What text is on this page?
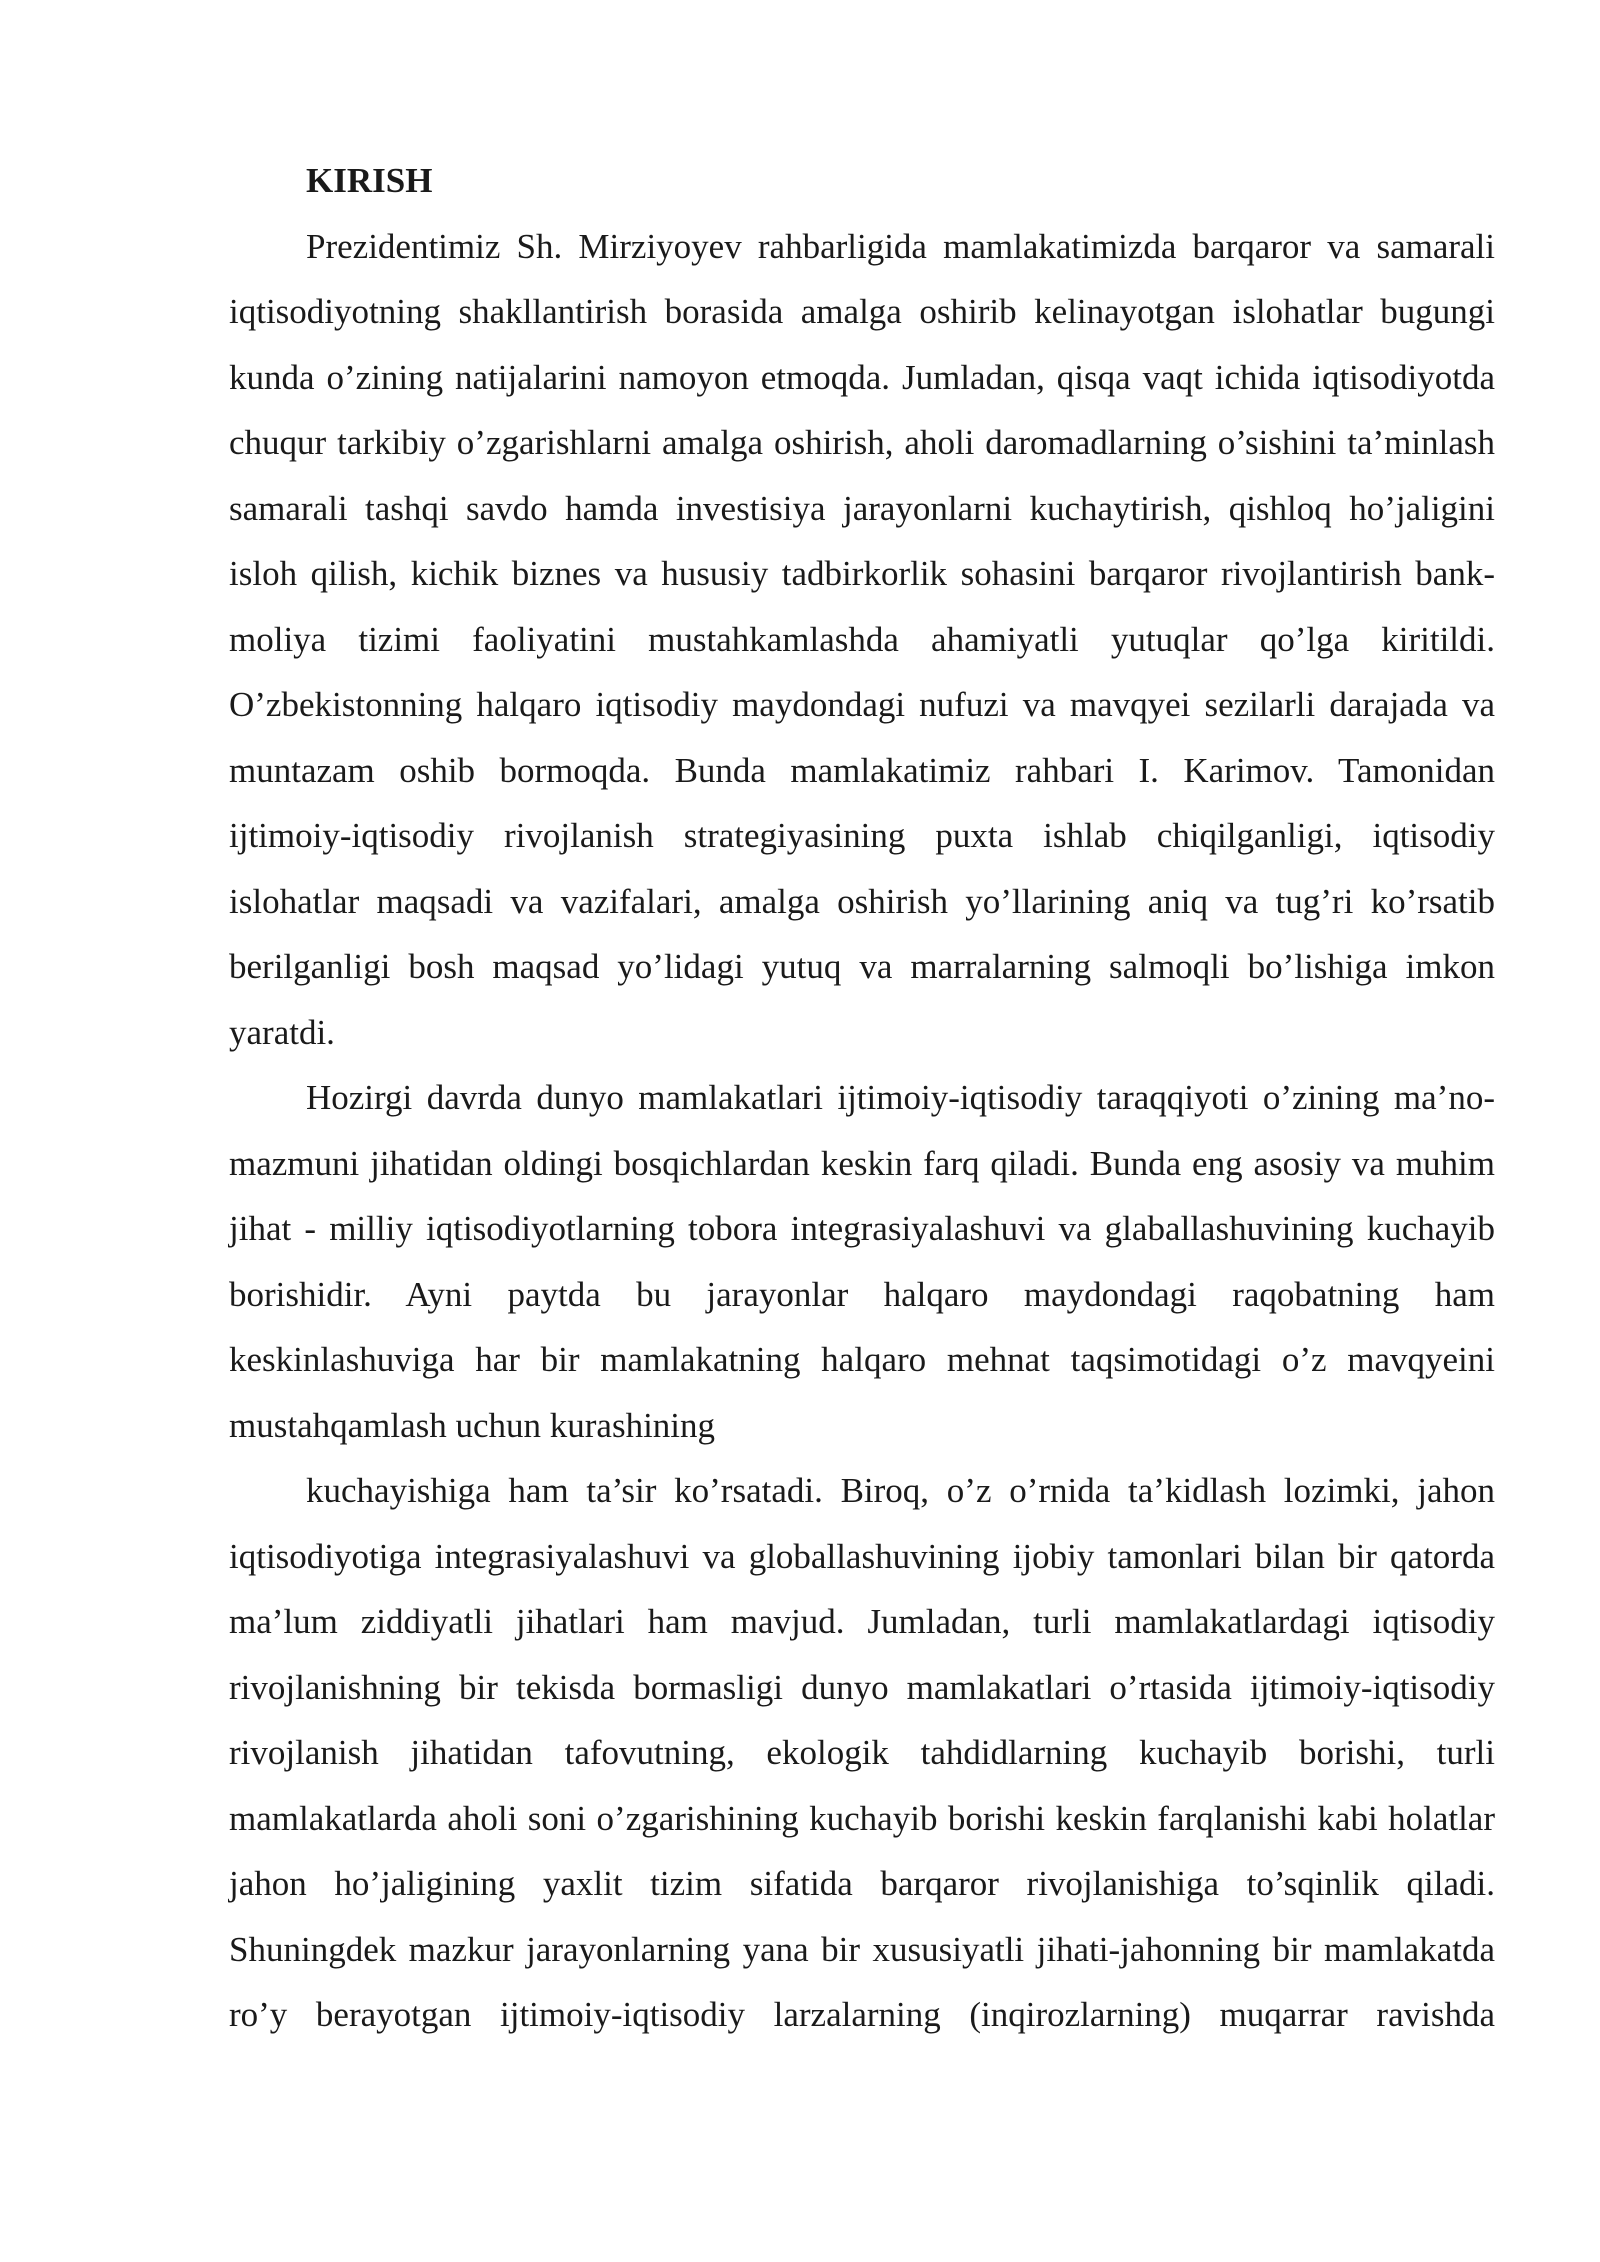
KIRISH

Prezidentimiz Sh. Mirziyoyev rahbarligida mamlakatimizda barqaror va samarali iqtisodiyotning shakllantirish borasida amalga oshirib kelinayotgan islohatlar bugungi kunda o’zining natijalarini namoyon etmoqda. Jumladan, qisqa vaqt ichida iqtisodiyotda chuqur tarkibiy o’zgarishlarni amalga oshirish, aholi daromadlarning o’sishini ta’minlash samarali tashqi savdo hamda investisiya jarayonlarni kuchaytirish, qishloq ho’jaligini isloh qilish, kichik biznes va hususiy tadbirkorlik sohasini barqaror rivojlantirish bank-moliya tizimi faoliyatini mustahkamlashda ahamiyatli yutuqlar qo’lga kiritildi. O’zbekistonning halqaro iqtisodiy maydondagi nufuzi va mavqyei sezilarli darajada va muntazam oshib bormoqda. Bunda mamlakatimiz rahbari I. Karimov. Tamonidan ijtimoiy-iqtisodiy rivojlanish strategiyasining puxta ishlab chiqilganligi, iqtisodiy islohatlar maqsadi va vazifalari, amalga oshirish yo’llarining aniq va tug’ri ko’rsatib berilganligi bosh maqsad yo’lidagi yutuq va marralarning salmoqli bo’lishiga imkon yaratdi.

Hozirgi davrda dunyo mamlakatlari ijtimoiy-iqtisodiy taraqqiyoti o’zining ma’no-mazmuni jihatidan oldingi bosqichlardan keskin farq qiladi. Bunda eng asosiy va muhim jihat - milliy iqtisodiyotlarning tobora integrasiyalashuvi va glaballashuvining kuchayib borishidir. Ayni paytda bu jarayonlar halqaro maydondagi raqobatning ham keskinlashuviga har bir mamlakatning halqaro mehnat taqsimotidagi o’z mavqyeini mustahqamlash uchun kurashining

kuchayishiga ham ta’sir ko’rsatadi. Biroq, o’z o’rnida ta’kidlash lozimki, jahon iqtisodiyotiga integrasiyalashuvi va globallashuvining ijobiy tamonlari bilan bir qatorda ma’lum ziddiyatli jihatlari ham mavjud. Jumladan, turli mamlakatlardagi iqtisodiy rivojlanishning bir tekisda bormasligi dunyo mamlakatlari o’rtasida ijtimoiy-iqtisodiy rivojlanish jihatidan tafovutning, ekologik tahdidlarning kuchayib borishi, turli mamlakatlarda aholi soni o’zgarishining kuchayib borishi keskin farqlanishi kabi holatlar jahon ho’jaligining yaxlit tizim sifatida barqaror rivojlanishiga to’sqinlik qiladi. Shuningdek mazkur jarayonlarning yana bir xususiyatli jihati-jahonning bir mamlakatda ro’y berayotgan ijtimoiy-iqtisodiy larzalarning (inqirozlarning) muqarrar ravishda
